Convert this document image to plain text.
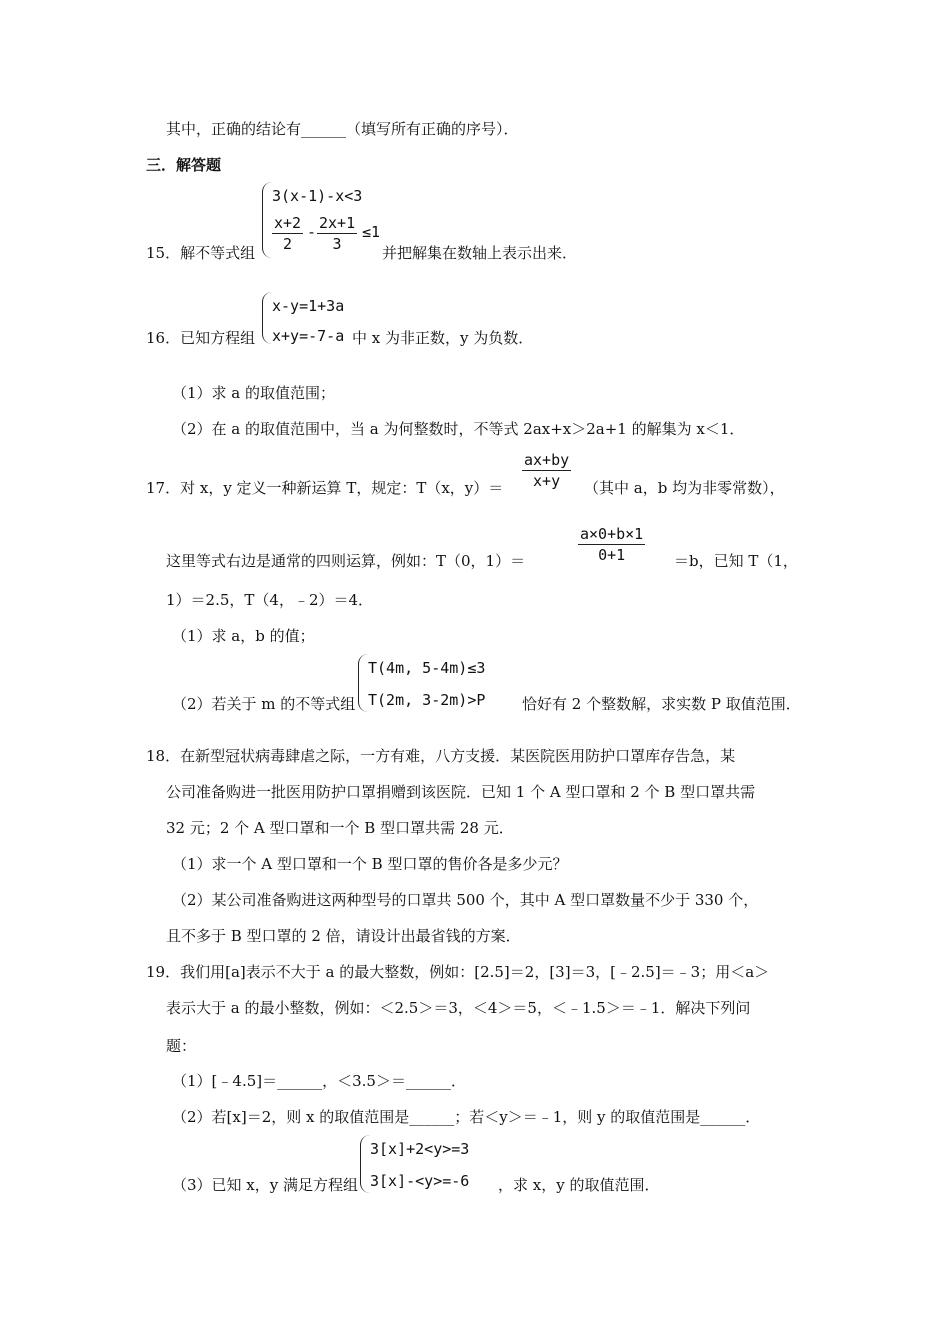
其中，正确的结论有______（填写所有正确的序号）．
三．解答题
3(x-1)-x<3
$\frac{x+2}{2} - \frac{2x+1}{3} \le 1$
15．解不等式组	并把解集在数轴上表示出来．
x-y=1+3a
x+y=-7-a
16．已知方程组	中 x 为非正数，y 为负数．
（1）求 a 的取值范围；
（2）在 a 的取值范围中，当 a 为何整数时，不等式 2ax+x＞2a+1 的解集为 x＜1．
$\frac{ax+by}{x+y}$
17．对 x，y 定义一种新运算 T，规定：T（x，y）＝	（其中 a，b 均为非零常数），
$\frac{a\times 0+b\times 1}{0+1}$
这里等式右边是通常的四则运算，例如：T（0，1）＝	＝b，已知 T（1，
1）＝2.5，T（4，﹣2）＝4．
（1）求 a，b 的值；
T(4m, 5-4m)≤3
T(2m, 3-2m)>P
（2）若关于 m 的不等式组	恰好有 2 个整数解，求实数 P 取值范围．
18．在新型冠状病毒肆虐之际，一方有难，八方支援．某医院医用防护口罩库存告急，某
公司准备购进一批医用防护口罩捐赠到该医院．已知 1 个 A 型口罩和 2 个 B 型口罩共需
32 元；2 个 A 型口罩和一个 B 型口罩共需 28 元．
（1）求一个 A 型口罩和一个 B 型口罩的售价各是多少元？
（2）某公司准备购进这两种型号的口罩共 500 个，其中 A 型口罩数量不少于 330 个，
且不多于 B 型口罩的 2 倍，请设计出最省钱的方案．
19．我们用[a]表示不大于 a 的最大整数，例如：[2.5]＝2，[3]＝3，[﹣2.5]＝﹣3；用＜a＞
表示大于 a 的最小整数，例如：＜2.5＞＝3，＜4＞＝5，＜﹣1.5＞＝﹣1．解决下列问
题：
（1）[﹣4.5]＝______，＜3.5＞＝______．
（2）若[x]＝2，则 x 的取值范围是______；若＜y＞＝﹣1，则 y 的取值范围是______．
3[x]+2<y>=3
3[x]-<y>=-6
（3）已知 x，y 满足方程组	，求 x，y 的取值范围．
